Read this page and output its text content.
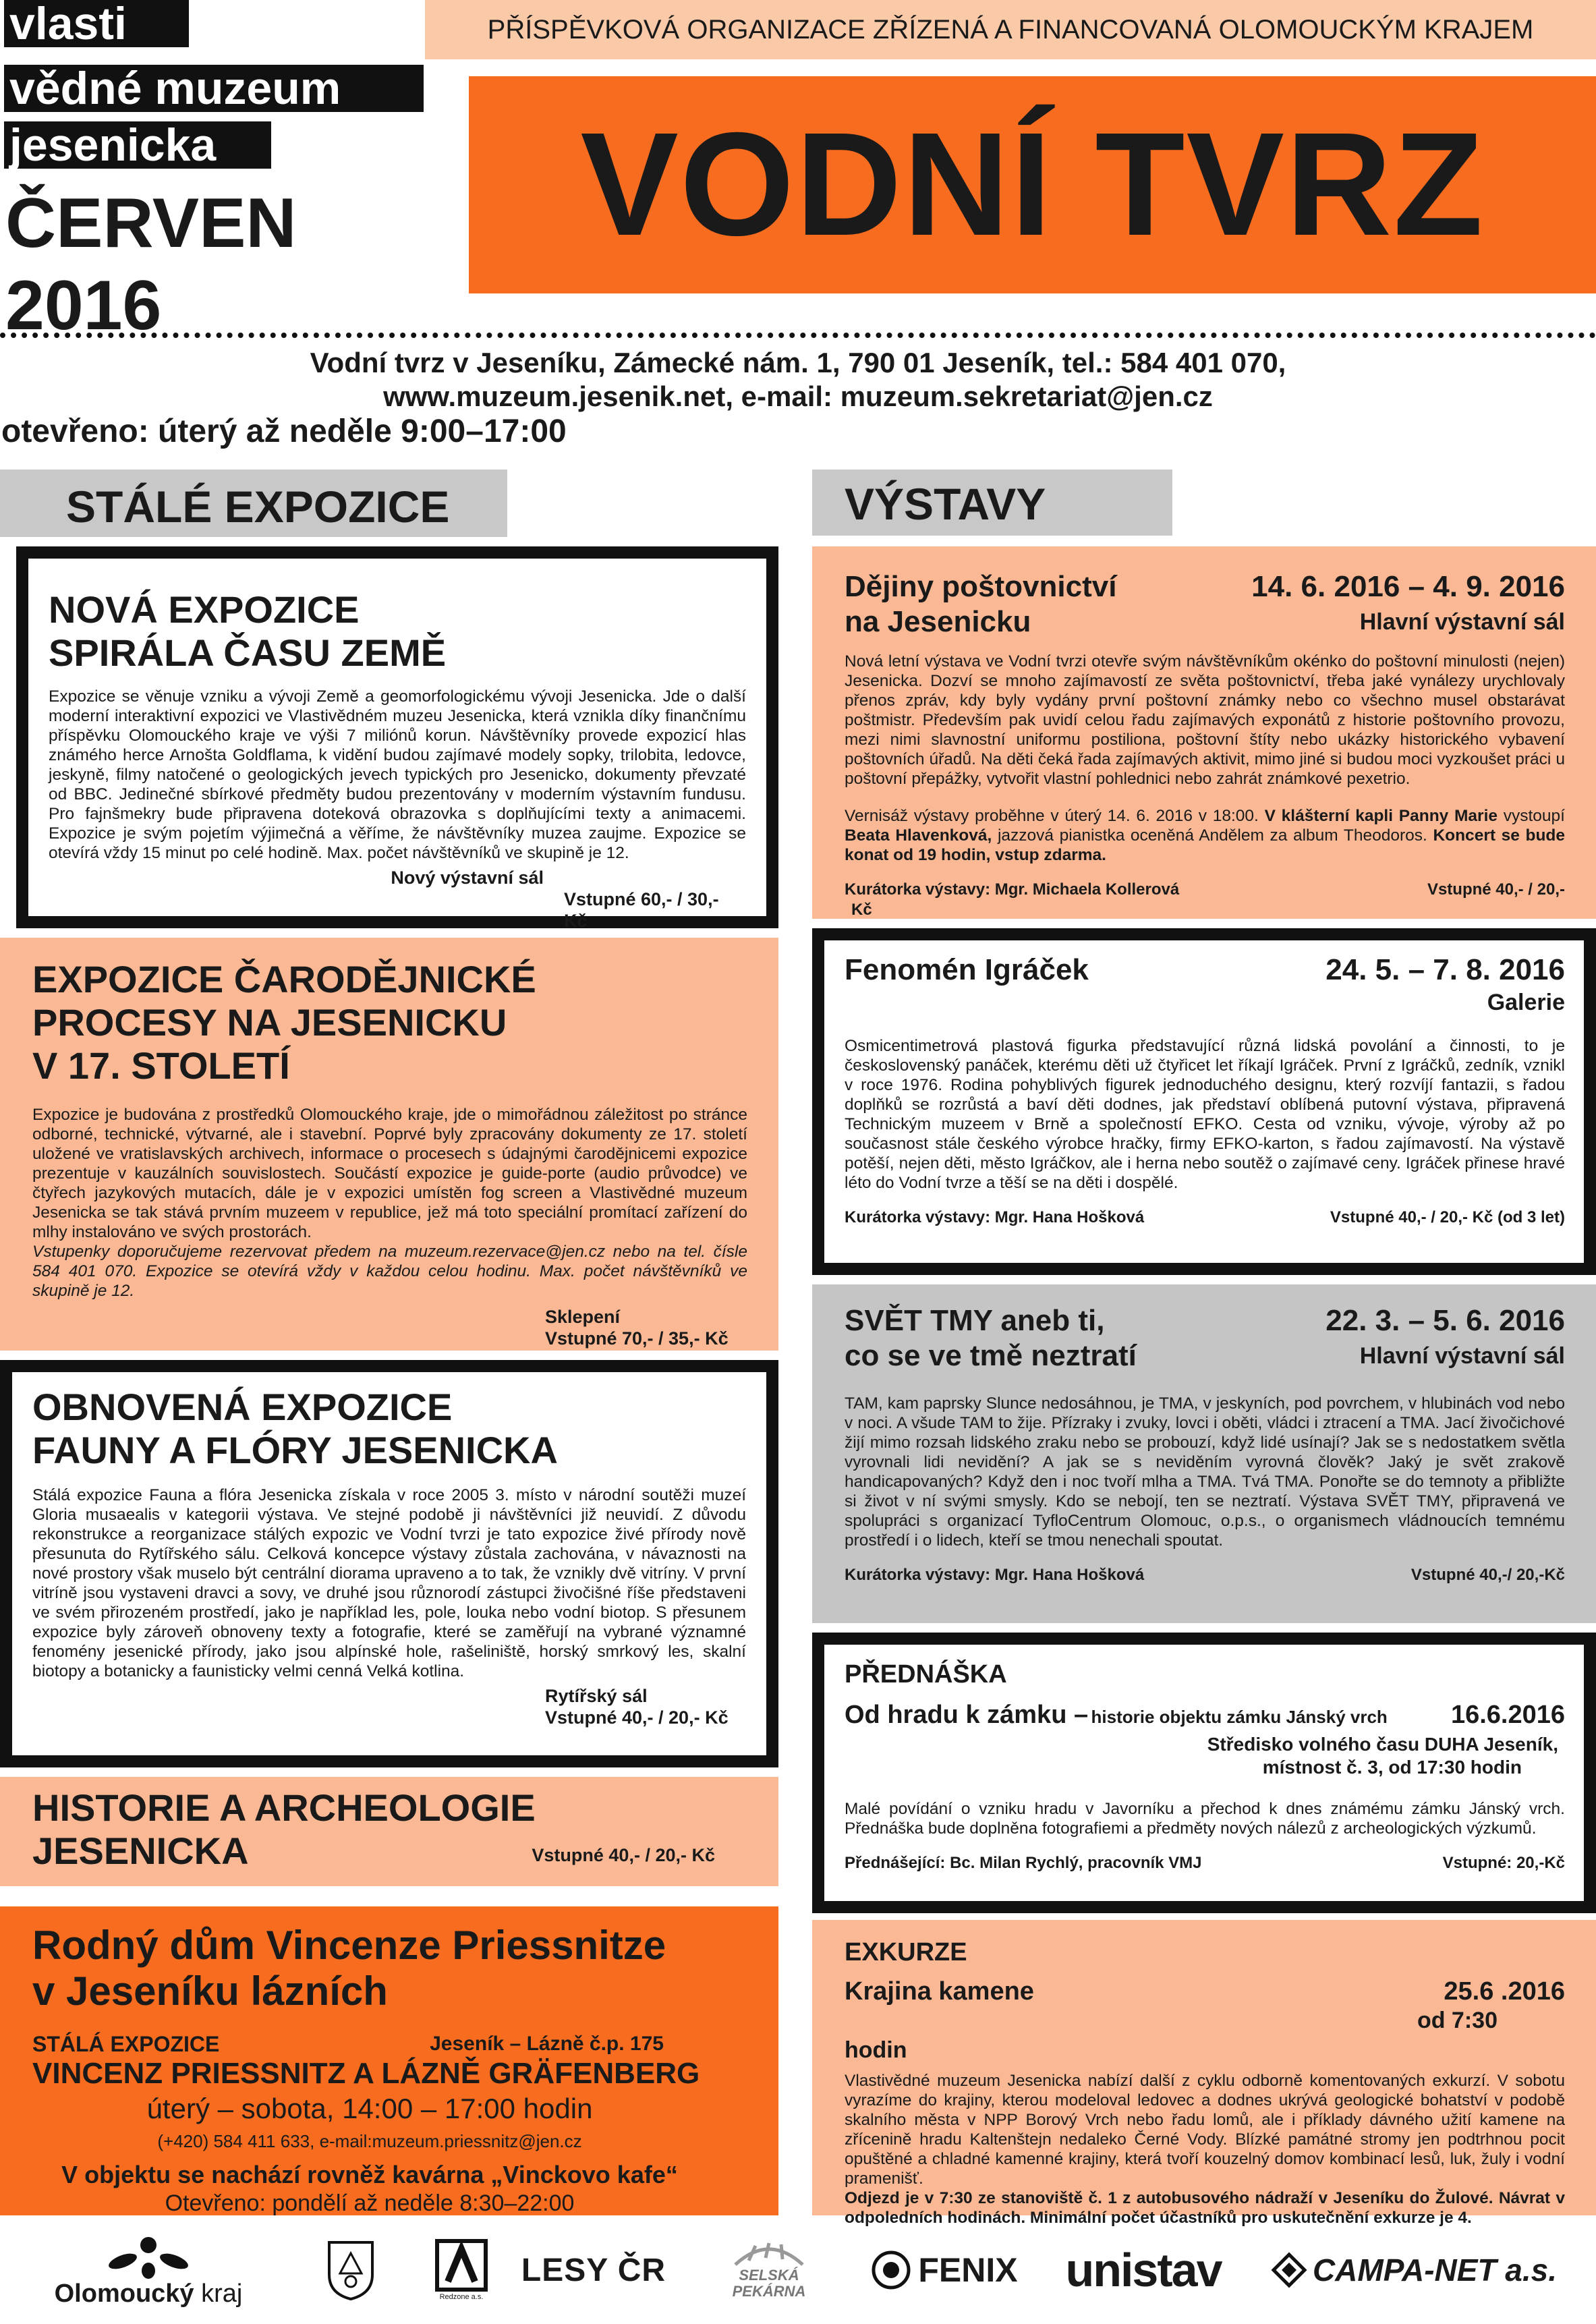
vlasti
vědné muzeum
jesenicka
ČERVEN
2016
PŘÍSPĚVKOVÁ ORGANIZACE ZŘÍZENÁ A FINANCOVANÁ OLOMOUCKÝM KRAJEM
VODNÍ TVRZ
Vodní tvrz v Jeseníku, Zámecké nám. 1, 790 01 Jeseník, tel.: 584 401 070,
www.muzeum.jesenik.net, e-mail: muzeum.sekretariat@jen.cz
otevřeno: úterý až neděle 9:00–17:00
STÁLÉ EXPOZICE	VÝSTAVY
NOVÁ EXPOZICE
SPIRÁLA ČASU ZEMĚ
Expozice se věnuje vzniku a vývoji Země a geomorfologickému vývoji Jesenicka. Jde o další moderní interaktivní expozici ve Vlastivědném muzeu Jesenicka, která vznikla díky finančnímu příspěvku Olomouckého kraje ve výši 7 miliónů korun. Návštěvníky provede expozicí hlas známého herce Arnošta Goldflama, k vidění budou zajímavé modely sopky, trilobita, ledovce, jeskyně, filmy natočené o geologických jevech typických pro Jesenicko, dokumenty převzaté od BBC. Jedinečné sbírkové předměty budou prezentovány v moderním výstavním fundusu. Pro fajnšmekry bude připravena doteková obrazovka s doplňujícími texty a animacemi. Expozice je svým pojetím výjimečná a věříme, že návštěvníky muzea zaujme. Expozice se otevírá vždy 15 minut po celé hodině. Max. počet návštěvníků ve skupině je 12.
Nový výstavní sál
Vstupné 60,- / 30,- Kč
EXPOZICE ČARODĚJNICKÉ
PROCESY NA JESENICKU
V 17. STOLETÍ
Expozice je budována z prostředků Olomouckého kraje, jde o mimořádnou záležitost po stránce odborné, technické, výtvarné, ale i stavební. Poprvé byly zpracovány dokumenty ze 17. století uložené ve vratislavských archivech, informace o procesech s údajnými čarodějnicemi expozice prezentuje v kauzálních souvislostech. Součástí expozice je guide-porte (audio průvodce) ve čtyřech jazykových mutacích, dále je v expozici umístěn fog screen a Vlastivědné muzeum Jesenicka se tak stává prvním muzeem v republice, jež má toto speciální promítací zařízení do mlhy instalováno ve svých prostorách.
Vstupenky doporučujeme rezervovat předem na muzeum.rezervace@jen.cz nebo na tel. čísle 584 401 070. Expozice se otevírá vždy v každou celou hodinu. Max. počet návštěvníků ve skupině je 12.
Sklepení
Vstupné 70,- / 35,- Kč
OBNOVENÁ EXPOZICE
FAUNY A FLÓRY JESENICKA
Stálá expozice Fauna a flóra Jesenicka získala v roce 2005 3. místo v národní soutěži muzeí Gloria musaealis v kategorii výstava. Ve stejné podobě ji návštěvníci již neuvidí. Z důvodu rekonstrukce a reorganizace stálých expozic ve Vodní tvrzi je tato expozice živé přírody nově přesunuta do Rytířského sálu. Celková koncepce výstavy zůstala zachována, v návaznosti na nové prostory však muselo být centrální diorama upraveno a to tak, že vznikly dvě vitríny. V první vitríně jsou vystaveni dravci a sovy, ve druhé jsou různorodí zástupci živočišné říše představeni ve svém přirozeném prostředí, jako je například les, pole, louka nebo vodní biotop. S přesunem expozice byly zároveň obnoveny texty a fotografie, které se zaměřují na vybrané významné fenomény jesenické přírody, jako jsou alpínské hole, rašeliniště, horský smrkový les, skalní biotopy a botanicky a faunisticky velmi cenná Velká kotlina.
Rytířský sál
Vstupné 40,- / 20,- Kč
HISTORIE A ARCHEOLOGIE
JESENICKA	Vstupné 40,- / 20,- Kč
Rodný dům Vincenze Priessnitze
v Jeseníku lázních
STÁLÁ EXPOZICE	Jeseník – Lázně č.p. 175
VINCENZ PRIESSNITZ A LÁZNĚ GRÄFENBERG
úterý – sobota, 14:00 – 17:00 hodin
(+420) 584 411 633, e-mail:muzeum.priessnitz@jen.cz
V objektu se nachází rovněž kavárna „Vinckovo kafe“
Otevřeno: pondělí až neděle 8:30–22:00
Dějiny poštovnictví	14. 6. 2016 – 4. 9. 2016
na Jesenicku	Hlavní výstavní sál
Nová letní výstava ve Vodní tvrzi otevře svým návštěvníkům okénko do poštovní minulosti (nejen) Jesenicka. Dozví se mnoho zajímavostí ze světa poštovnictví, třeba jaké vynálezy urychlovaly přenos zpráv, kdy byly vydány první poštovní známky nebo co všechno musel obstarávat poštmistr. Především pak uvidí celou řadu zajímavých exponátů z historie poštovního provozu, mezi nimi slavnostní uniformu postiliona, poštovní štíty nebo ukázky historického vybavení poštovních úřadů. Na děti čeká řada zajímavých aktivit, mimo jiné si budou moci vyzkoušet práci u poštovní přepážky, vytvořit vlastní pohlednici nebo zahrát známkové pexetrio.
Vernisáž výstavy proběhne v úterý 14. 6. 2016 v 18:00. V klášterní kapli Panny Marie vystoupí Beata Hlavenková, jazzová pianistka oceněná Andělem za album Theodoros. Koncert se bude konat od 19 hodin, vstup zdarma.
Kurátorka výstavy: Mgr. Michaela Kollerová	Vstupné 40,- / 20,-
Kč
Fenomén Igráček	24. 5. – 7. 8. 2016
Galerie
Osmicentimetrová plastová figurka představující různá lidská povolání a činnosti, to je československý panáček, kterému děti už čtyřicet let říkají Igráček. První z Igráčků, zedník, vznikl v roce 1976. Rodina pohyblivých figurek jednoduchého designu, který rozvíjí fantazii, s řadou doplňků se rozrůstá a baví děti dodnes, jak představí oblíbená putovní výstava, připravená Technickým muzeem v Brně a společností EFKO. Cesta od vzniku, vývoje, výroby až po současnost stále českého výrobce hračky, firmy EFKO-karton, s řadou zajímavostí. Na výstavě potěší, nejen děti, město Igráčkov, ale i herna nebo soutěž o zajímavé ceny. Igráček přinese hravé léto do Vodní tvrze a těší se na děti i dospělé.
Kurátorka výstavy: Mgr. Hana Hošková	Vstupné 40,- / 20,- Kč (od 3 let)
SVĚT TMY aneb ti,	22. 3. – 5. 6. 2016
co se ve tmě neztratí	Hlavní výstavní sál
TAM, kam paprsky Slunce nedosáhnou, je TMA, v jeskyních, pod povrchem, v hlubinách vod nebo v noci. A všude TAM to žije. Přízraky i zvuky, lovci i oběti, vládci i ztracení a TMA. Jací živočichové žijí mimo rozsah lidského zraku nebo se probouzí, když lidé usínají? Jak se s nedostatkem světla vyrovnali lidi nevidění? A jak se s neviděním vyrovná člověk? Jaký je svět zrakově handicapovaných? Když den i noc tvoří mlha a TMA. Tvá TMA. Ponořte se do temnoty a přibližte si život v ní svými smysly. Kdo se nebojí, ten se neztratí. Výstava SVĚT TMY, připravená ve spolupráci s organizací TyfloCentrum Olomouc, o.p.s., o organismech vládnoucích temnému prostředí i o lidech, kteří se tmou nenechali spoutat.
Kurátorka výstavy: Mgr. Hana Hošková	Vstupné 40,-/ 20,-Kč
PŘEDNÁŠKA
Od hradu k zámku – historie objektu zámku Jánský vrch 16.6.2016
Středisko volného času DUHA Jeseník,
místnost č. 3, od 17:30 hodin
Malé povídání o vzniku hradu v Javorníku a přechod k dnes známému zámku Jánský vrch. Přednáška bude doplněna fotografiemi a předměty nových nálezů z archeologických výzkumů.
Přednášející: Bc. Milan Rychlý, pracovník VMJ	Vstupné: 20,-Kč
EXKURZE
Krajina kamene	25.6 .2016
od 7:30
hodin
Vlastivědné muzeum Jesenicka nabízí další z cyklu odborně komentovaných exkurzí. V sobotu vyrazíme do krajiny, kterou modeloval ledovec a dodnes ukrývá geologické bohatství v podobě skalního města v NPP Borový Vrch nebo řadu lomů, ale i příklady dávného užití kamene na zřícenině hradu Kaltenštejn nedaleko Černé Vody. Blízké památné stromy jen podtrhnou pocit opuštěné a chladné kamenné krajiny, která tvoří kouzelný domov kombinací lesů, luk, žuly i vodní pramenišť.
Odjezd je v 7:30 ze stanoviště č. 1 z autobusového nádraží v Jeseníku do Žulové. Návrat v odpoledních hodinách. Minimální počet účastníků pro uskutečnění exkurze je 4.
Olomoucký kraj	Redzone a.s.
LESY ČR	SELSKÁ
PEKÁRNA
FENIX unistav	CAMPA-NET a.s.
